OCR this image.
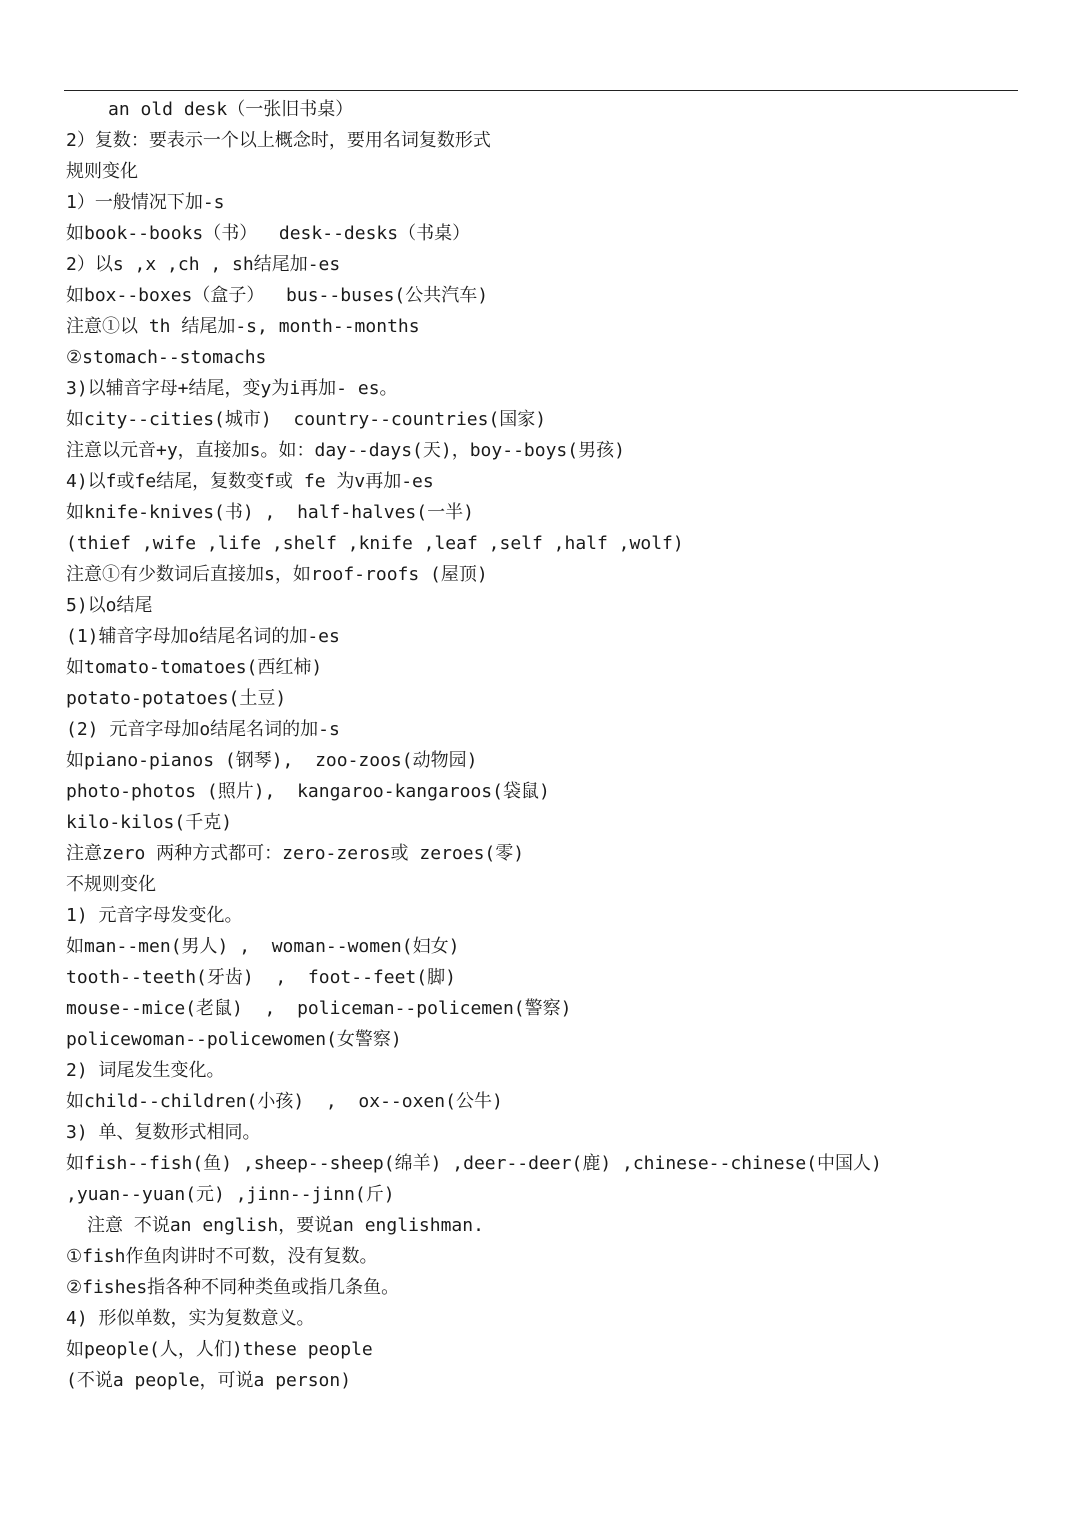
an old desk（一张旧书桌）
2）复数：要表示一个以上概念时，要用名词复数形式
规则变化
1）一般情况下加-s
如book--books（书）  desk--desks（书桌）
2）以s ,x ,ch , sh结尾加-es
如box--boxes（盒子）  bus--buses(公共汽车)
注意①以 th 结尾加-s, month--months
②stomach--stomachs
3)以辅音字母+结尾，变y为i再加- es。
如city--cities(城市)  country--countries(国家)
注意以元音+y，直接加s。如：day--days(天)，boy--boys(男孩)
4)以f或fe结尾，复数变f或 fe 为v再加-es
如knife-knives(书) ,  half-halves(一半)
(thief ,wife ,life ,shelf ,knife ,leaf ,self ,half ,wolf)
注意①有少数词后直接加s，如roof-roofs (屋顶)
5)以o结尾
(1)辅音字母加o结尾名词的加-es
如tomato-tomatoes(西红柿)
potato-potatoes(土豆)
(2) 元音字母加o结尾名词的加-s
如piano-pianos (钢琴),  zoo-zoos(动物园)
photo-photos (照片),  kangaroo-kangaroos(袋鼠)
kilo-kilos(千克)
注意zero 两种方式都可：zero-zeros或 zeroes(零)
不规则变化
1) 元音字母发变化。
如man--men(男人) ,  woman--women(妇女)
tooth--teeth(牙齿)  ,  foot--feet(脚)
mouse--mice(老鼠)  ,  policeman--policemen(警察)
policewoman--policewomen(女警察)
2) 词尾发生变化。
如child--children(小孩)  ,  ox--oxen(公牛)
3) 单、复数形式相同。
如fish--fish(鱼) ,sheep--sheep(绵羊) ,deer--deer(鹿) ,chinese--chinese(中国人)
,yuan--yuan(元) ,jinn--jinn(斤)
注意 不说an english，要说an englishman.
①fish作鱼肉讲时不可数，没有复数。
②fishes指各种不同种类鱼或指几条鱼。
4) 形似单数，实为复数意义。
如people(人，人们)these people
(不说a people，可说a person)
